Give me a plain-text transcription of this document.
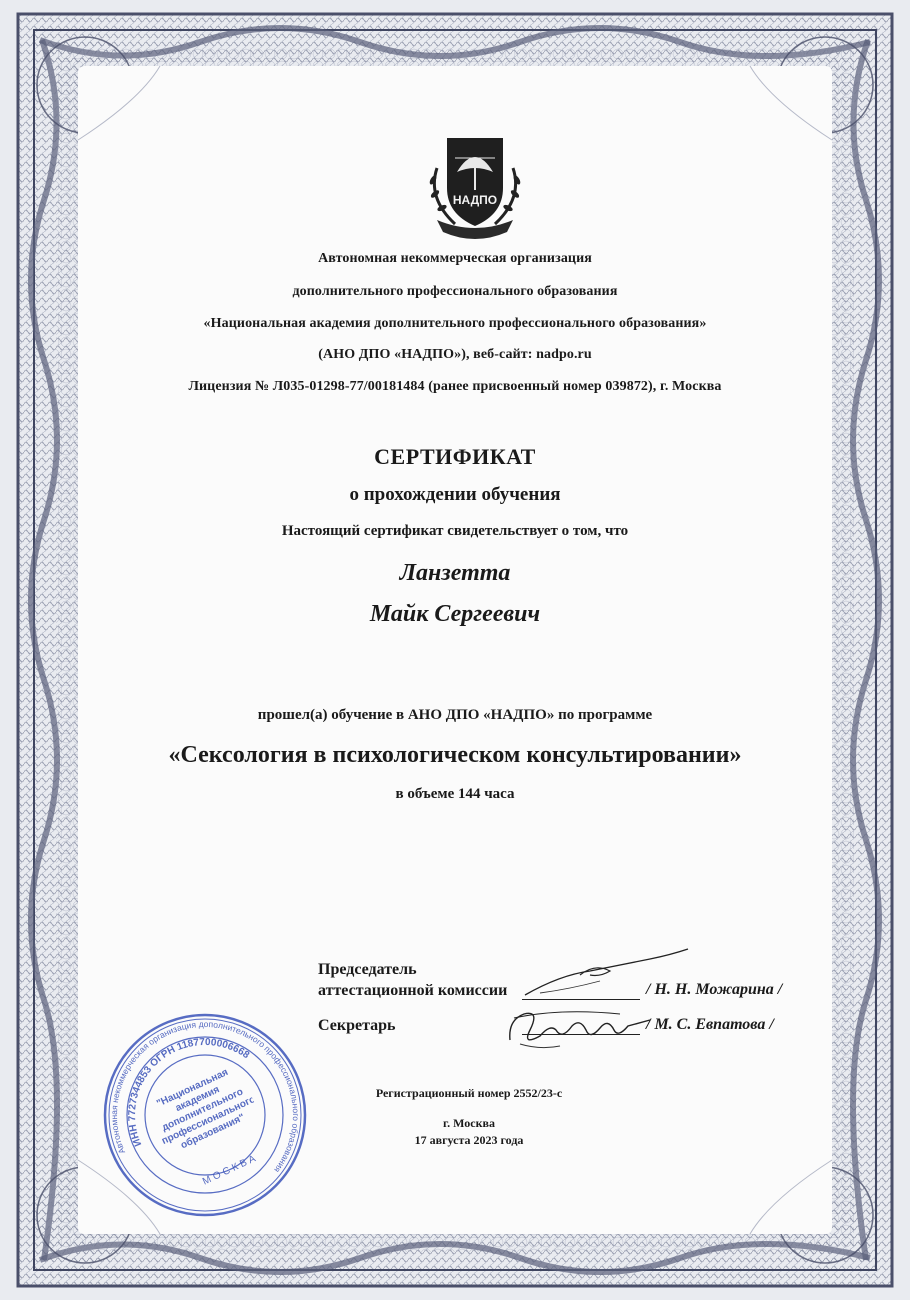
НАДПО
Автономная некоммерческая организация
дополнительного профессионального образования
«Национальная академия дополнительного профессионального образования»
(АНО ДПО «НАДПО»), веб-сайт: nadpo.ru
Лицензия № Л035-01298-77/00181484 (ранее присвоенный номер 039872), г. Москва
СЕРТИФИКАТ
о прохождении обучения
Настоящий сертификат свидетельствует о том, что
Ланзетта
Майк Сергеевич
прошел(а) обучение в АНО ДПО «НАДПО» по программе
«Сексология в психологическом консультировании»
в объеме 144 часа
Председатель
аттестационной комиссии	/ Н. Н. Можарина /
Секретарь	/ М. С. Евпатова /
Автономная некоммерческая организация дополнительного профессионального образования
ИНН 7727344853 ОГРН 1187700006668
"Национальная академия дополнительного профессионального образования"
МОСКВА
Регистрационный номер 2552/23-с
г. Москва
17 августа 2023 года
